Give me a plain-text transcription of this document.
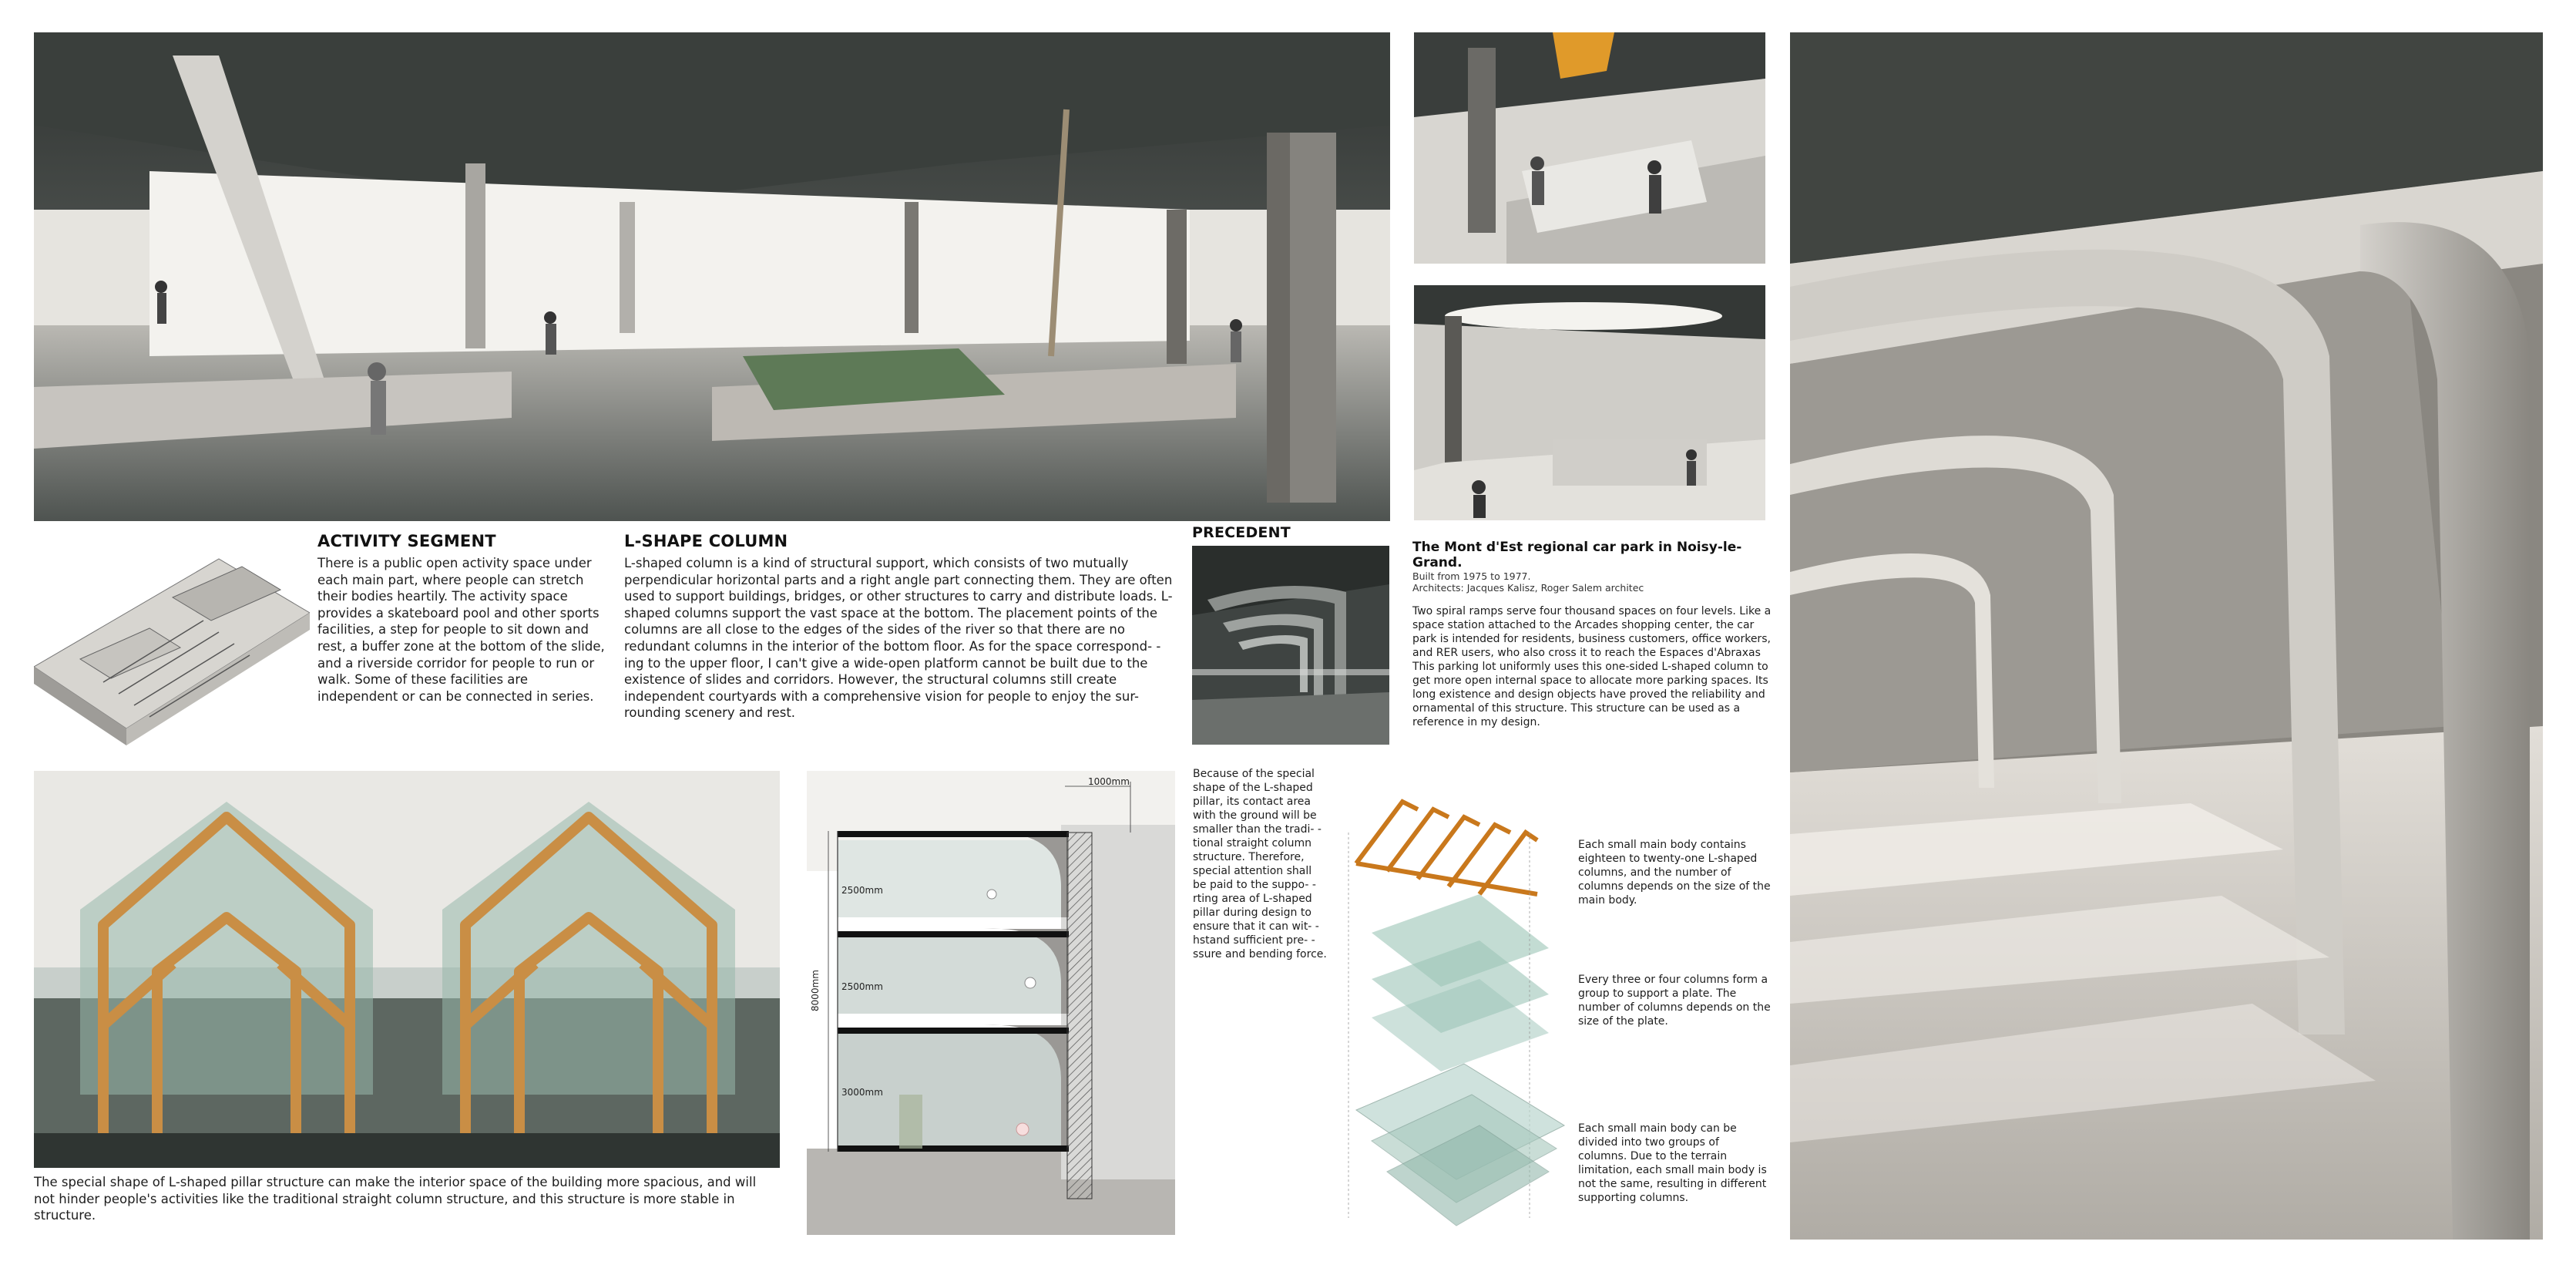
ACTIVITY SEGMENT

There is a public open activity space under each main part, where people can stretch their bodies heartily. The activity space provides a skateboard pool and other sports facilities, a step for people to sit down and rest, a buffer zone at the bottom of the slide, and a riverside corridor for people to run or walk. Some of these facilities are independent or can be connected in series.

L-SHAPE COLUMN

L-shaped column is a kind of structural support, which consists of two mutually perpendicular horizontal parts and a right angle part connecting them. They are often used to support buildings, bridges, or other structures to carry and distribute loads. L-shaped columns support the vast space at the bottom. The placement points of the columns are all close to the edges of the sides of the river so that there are no redundant columns in the interior of the bottom floor. As for the space correspond- -ing to the upper floor, I can't give a wide-open platform cannot be built due to the existence of slides and corridors. However, the structural columns still create independent courtyards with a comprehensive vision for people to enjoy the sur- rounding scenery and rest.

PRECEDENT
The Mont d'Est regional car park in Noisy-le-Grand.
Built from 1975 to 1977.
Architects: Jacques Kalisz, Roger Salem architec

Two spiral ramps serve four thousand spaces on four levels. Like a space station attached to the Arcades shopping center, the car park is intended for residents, business customers, office workers, and RER users, who also cross it to reach the Espaces d'Abraxas
This parking lot uniformly uses this one-sided L-shaped column to get more open internal space to allocate more parking spaces. Its long existence and design objects have proved the reliability and ornamental of this structure. This structure can be used as a reference in my design.

The special shape of L-shaped pillar structure can make the interior space of the building more spacious, and will not hinder people's activities like the traditional straight column structure, and this structure is more stable in structure.

1000mm
2500mm
2500mm
3000mm
8000mm

Because of the special shape of the L-shaped pillar, its contact area with the ground will be smaller than the tradi- -tional straight column structure. Therefore, special attention shall be paid to the suppo- -rting area of L-shaped pillar during design to ensure that it can wit- -hstand sufficient pre- -ssure and bending force.

Each small main body contains eighteen to twenty-one L-shaped columns, and the number of columns depends on the size of the main body.

Every three or four columns form a group to support a plate. The number of columns depends on the size of the plate.

Each small main body can be divided into two groups of columns. Due to the terrain limitation, each small main body is not the same, resulting in different supporting columns.
